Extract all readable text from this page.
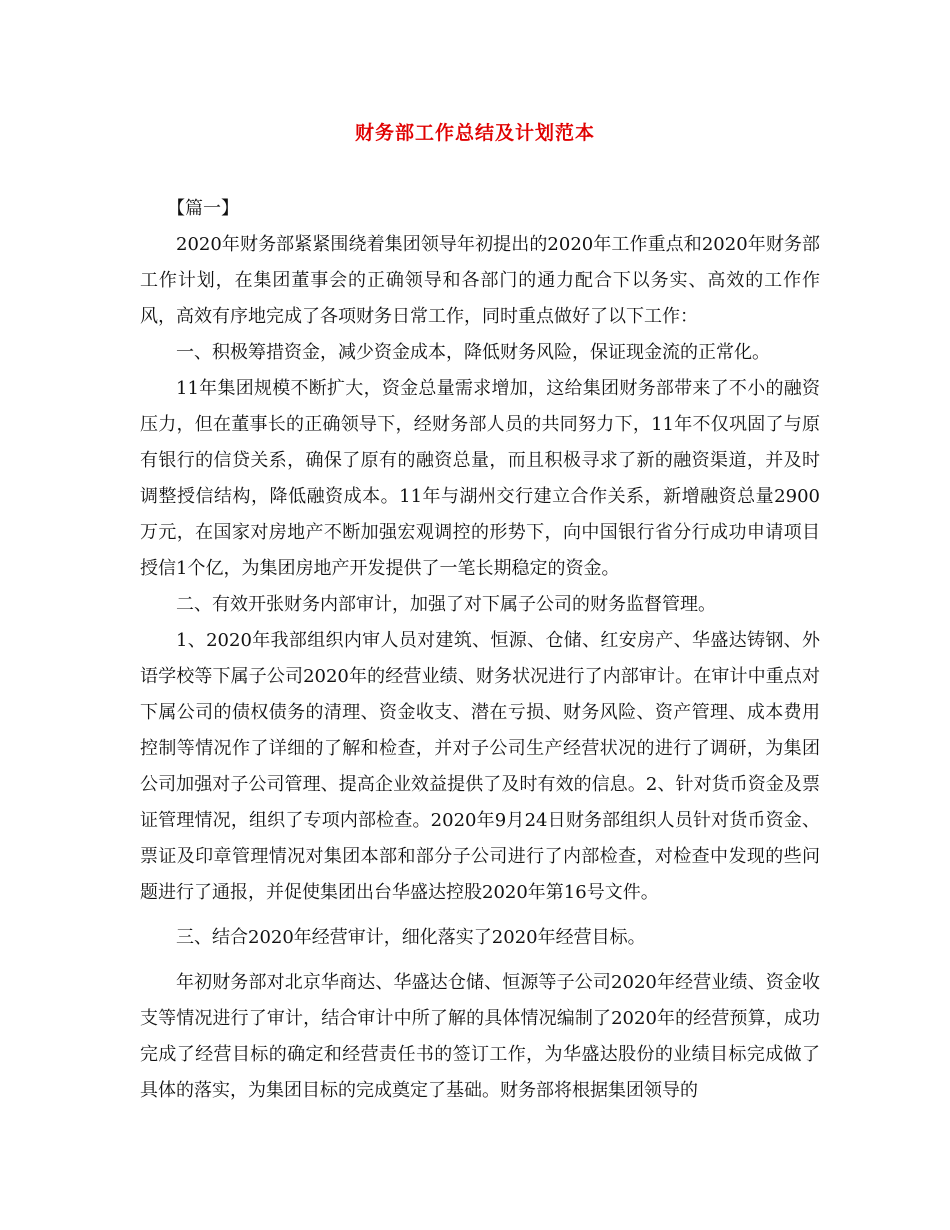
财务部工作总结及计划范本

【篇一】

2020年财务部紧紧围绕着集团领导年初提出的2020年工作重点和2020年财务部工作计划，在集团董事会的正确领导和各部门的通力配合下以务实、高效的工作作风，高效有序地完成了各项财务日常工作，同时重点做好了以下工作：

一、积极筹措资金，减少资金成本，降低财务风险，保证现金流的正常化。

11年集团规模不断扩大，资金总量需求增加，这给集团财务部带来了不小的融资压力，但在董事长的正确领导下，经财务部人员的共同努力下，11年不仅巩固了与原有银行的信贷关系，确保了原有的融资总量，而且积极寻求了新的融资渠道，并及时调整授信结构，降低融资成本。11年与湖州交行建立合作关系，新增融资总量2900万元，在国家对房地产不断加强宏观调控的形势下，向中国银行省分行成功申请项目授信1个亿，为集团房地产开发提供了一笔长期稳定的资金。

二、有效开张财务内部审计，加强了对下属子公司的财务监督管理。

1、2020年我部组织内审人员对建筑、恒源、仓储、红安房产、华盛达铸钢、外语学校等下属子公司2020年的经营业绩、财务状况进行了内部审计。在审计中重点对下属公司的债权债务的清理、资金收支、潜在亏损、财务风险、资产管理、成本费用控制等情况作了详细的了解和检查，并对子公司生产经营状况的进行了调研，为集团公司加强对子公司管理、提高企业效益提供了及时有效的信息。2、针对货币资金及票证管理情况，组织了专项内部检查。2020年9月24日财务部组织人员针对货币资金、票证及印章管理情况对集团本部和部分子公司进行了内部检查，对检查中发现的些问题进行了通报，并促使集团出台华盛达控股2020年第16号文件。

三、结合2020年经营审计，细化落实了2020年经营目标。

年初财务部对北京华商达、华盛达仓储、恒源等子公司2020年经营业绩、资金收支等情况进行了审计，结合审计中所了解的具体情况编制了2020年的经营预算，成功完成了经营目标的确定和经营责任书的签订工作，为华盛达股份的业绩目标完成做了具体的落实，为集团目标的完成奠定了基础。财务部将根据集团领导的
